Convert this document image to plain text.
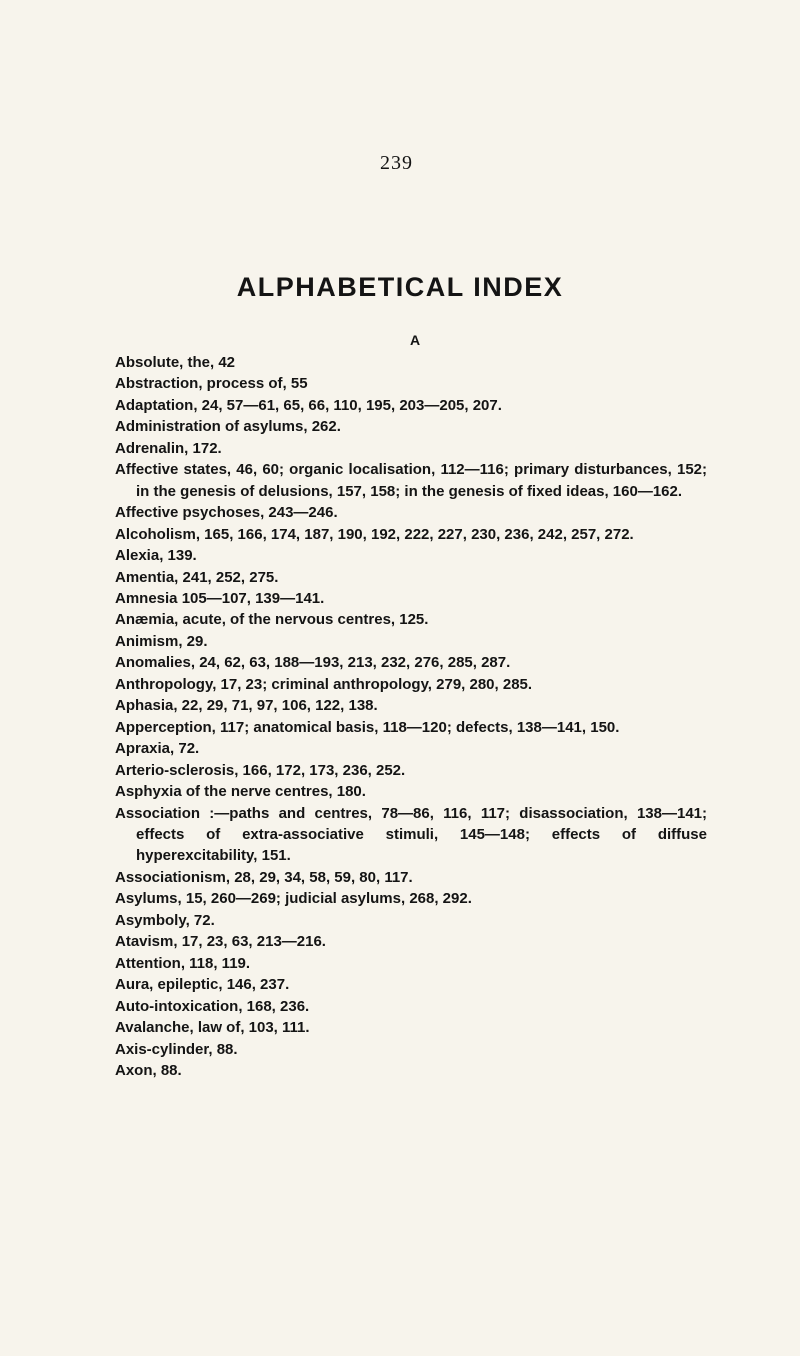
239
ALPHABETICAL INDEX
A
Absolute, the, 42
Abstraction, process of, 55
Adaptation, 24, 57—61, 65, 66, 110, 195, 203—205, 207.
Administration of asylums, 262.
Adrenalin, 172.
Affective states, 46, 60; organic localisation, 112—116; primary disturbances, 152; in the genesis of delusions, 157, 158; in the genesis of fixed ideas, 160—162.
Affective psychoses, 243—246.
Alcoholism, 165, 166, 174, 187, 190, 192, 222, 227, 230, 236, 242, 257, 272.
Alexia, 139.
Amentia, 241, 252, 275.
Amnesia 105—107, 139—141.
Anæmia, acute, of the nervous centres, 125.
Animism, 29.
Anomalies, 24, 62, 63, 188—193, 213, 232, 276, 285, 287.
Anthropology, 17, 23; criminal anthropology, 279, 280, 285.
Aphasia, 22, 29, 71, 97, 106, 122, 138.
Apperception, 117; anatomical basis, 118—120; defects, 138—141, 150.
Apraxia, 72.
Arterio-sclerosis, 166, 172, 173, 236, 252.
Asphyxia of the nerve centres, 180.
Association :—paths and centres, 78—86, 116, 117; disassociation, 138—141; effects of extra-associative stimuli, 145—148; effects of diffuse hyperexcitability, 151.
Associationism, 28, 29, 34, 58, 59, 80, 117.
Asylums, 15, 260—269; judicial asylums, 268, 292.
Asymboly, 72.
Atavism, 17, 23, 63, 213—216.
Attention, 118, 119.
Aura, epileptic, 146, 237.
Auto-intoxication, 168, 236.
Avalanche, law of, 103, 111.
Axis-cylinder, 88.
Axon, 88.
